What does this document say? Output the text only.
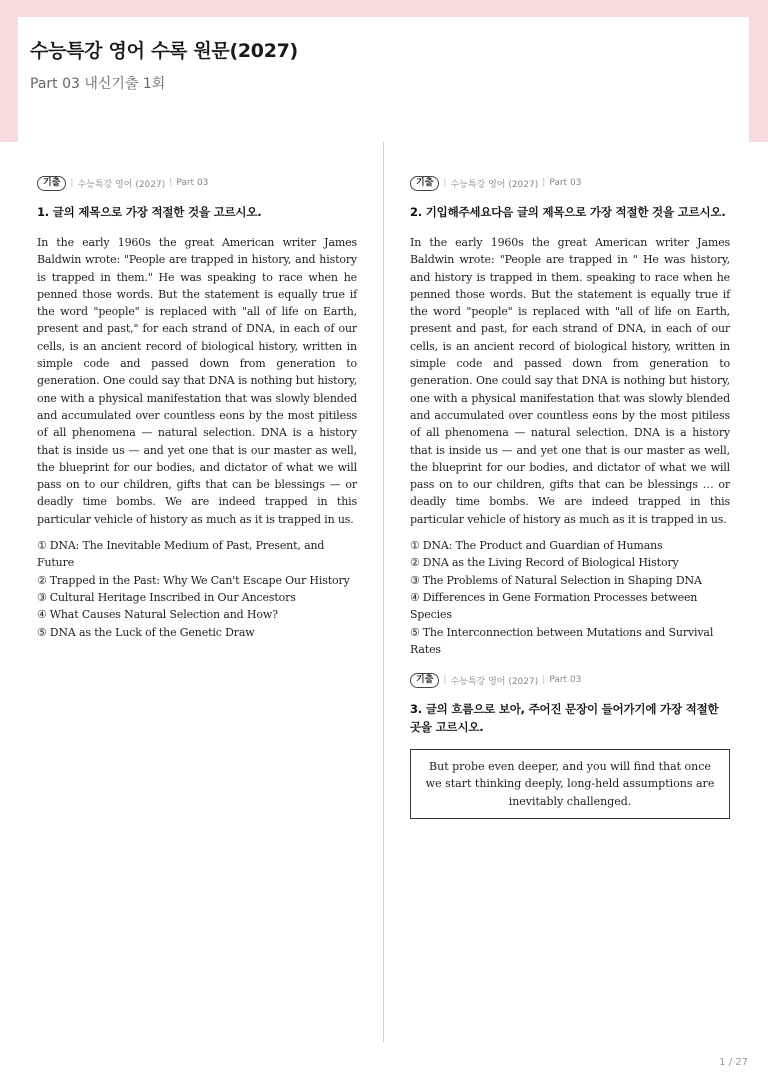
수능특강 영어 수록 원문(2027)
Part 03 내신기출 1회
기출	| 수능특강 영어 (2027) | Part 03

1. 글의 제목으로 가장 적절한 것을 고르시오.

In the early 1960s the great American writer James Baldwin wrote: "People are trapped in history, and history is trapped in them." He was speaking to race when he penned those words. But the statement is equally true if the word "people" is replaced with "all of life on Earth, present and past," for each strand of DNA, in each of our cells, is an ancient record of biological history, written in simple code and passed down from generation to generation. One could say that DNA is nothing but history, one with a physical manifestation that was slowly blended and accumulated over countless eons by the most pitiless of all phenomena — natural selection. DNA is a history that is inside us — and yet one that is our master as well, the blueprint for our bodies, and dictator of what we will pass on to our children, gifts that can be blessings — or deadly time bombs. We are indeed trapped in this particular vehicle of history as much as it is trapped in us.

① DNA: The Inevitable Medium of Past, Present, and Future
② Trapped in the Past: Why We Can't Escape Our History
③ Cultural Heritage Inscribed in Our Ancestors
④ What Causes Natural Selection and How?
⑤ DNA as the Luck of the Genetic Draw
기출	| 수능특강 영어 (2027) | Part 03

2. 기입해주세요다음 글의 제목으로 가장 적절한 것을 고르시오.

In the early 1960s the great American writer James Baldwin wrote: "People are trapped in " He was history, and history is trapped in them. speaking to race when he penned those words. But the statement is equally true if the word "people" is replaced with "all of life on Earth, present and past, for each strand of DNA, in each of our cells, is an ancient record of biological history, written in simple code and passed down from generation to generation. One could say that DNA is nothing but history, one with a physical manifestation that was slowly blended and accumulated over countless eons by the most pitiless of all phenomena — natural selection. DNA is a history that is inside us — and yet one that is our master as well, the blueprint for our bodies, and dictator of what we will pass on to our children, gifts that can be blessings … or deadly time bombs. We are indeed trapped in this particular vehicle of history as much as it is trapped in us.

① DNA: The Product and Guardian of Humans
② DNA as the Living Record of Biological History
③ The Problems of Natural Selection in Shaping DNA
④ Differences in Gene Formation Processes between Species
⑤ The Interconnection between Mutations and Survival Rates
기출	| 수능특강 영어 (2027) | Part 03

3. 글의 흐름으로 보아, 주어진 문장이 들어가기에 가장 적절한 곳을 고르시오.

But probe even deeper, and you will find that once we start thinking deeply, long-held assumptions are inevitably challenged.
1 / 27
